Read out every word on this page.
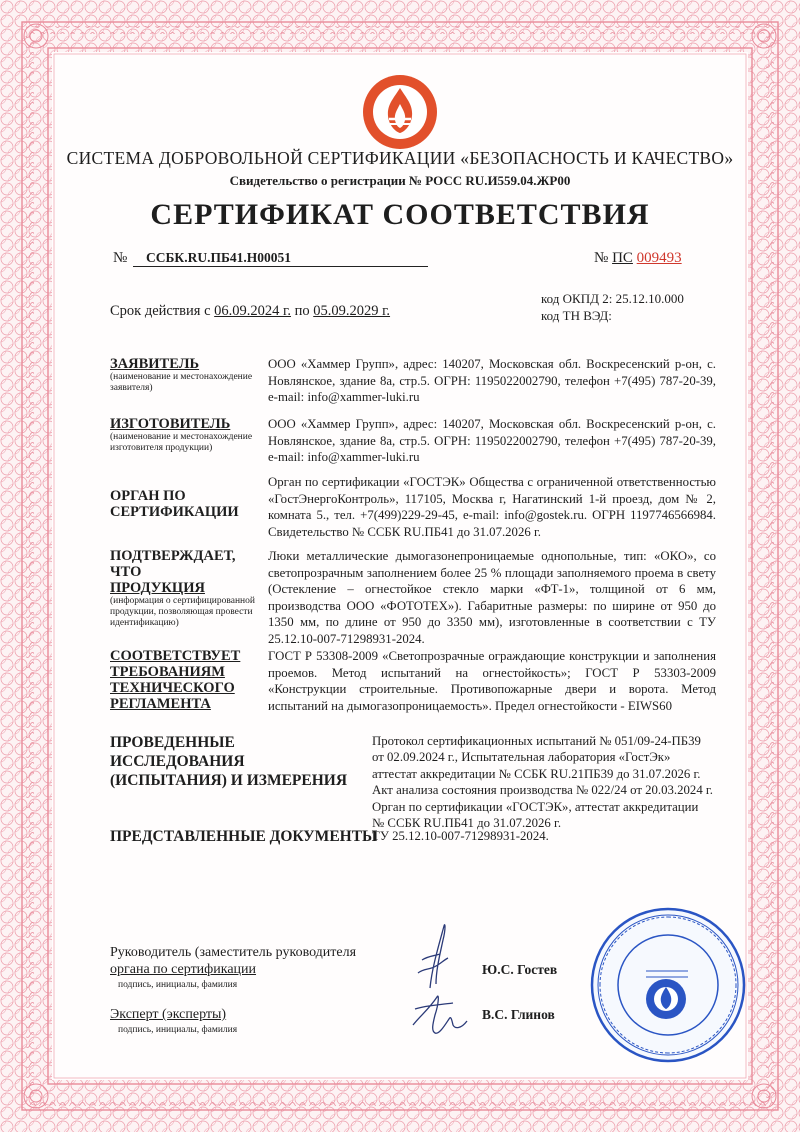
СИСТЕМА ДОБРОВОЛЬНОЙ СЕРТИФИКАЦИИ «БЕЗОПАСНОСТЬ И КАЧЕСТВО»
Свидетельство о регистрации № РОСС RU.И559.04.ЖР00
СЕРТИФИКАТ СООТВЕТСТВИЯ
№	ССБК.RU.ПБ41.Н00051	№ ПС 009493
Срок действия с 06.09.2024 г. по 05.09.2029 г.
код ОКПД 2: 25.12.10.000
код ТН ВЭД:
ЗАЯВИТЕЛЬ
(наименование и местонахождение заявителя)
ООО «Хаммер Групп», адрес: 140207, Московская обл. Воскресенский р-он, с. Новлянское, здание 8а, стр.5. ОГРН: 1195022002790, телефон +7(495) 787-20-39, e-mail: info@xammer-luki.ru
ИЗГОТОВИТЕЛЬ
(наименование и местонахождение изготовителя продукции)
ООО «Хаммер Групп», адрес: 140207, Московская обл. Воскресенский р-он, с. Новлянское, здание 8а, стр.5. ОГРН: 1195022002790, телефон +7(495) 787-20-39, e-mail: info@xammer-luki.ru
ОРГАН ПО
СЕРТИФИКАЦИИ
Орган по сертификации «ГОСТЭК» Общества с ограниченной ответственностью «ГостЭнергоКонтроль», 117105, Москва г, Нагатинский 1-й проезд, дом № 2, комната 5., тел. +7(499)229-29-45, e-mail: info@gostek.ru. ОГРН 1197746566984. Свидетельство № ССБК RU.ПБ41 до 31.07.2026 г.
ПОДТВЕРЖДАЕТ, ЧТО
ПРОДУКЦИЯ
(информация о сертифицированной продукции, позволяющая провести идентификацию)
Люки металлические дымогазонепроницаемые однопольные, тип: «ОКО», со светопрозрачным заполнением более 25 % площади заполняемого проема в свету (Остекление – огнестойкое стекло марки «ФТ-1», толщиной от 6 мм, производства ООО «ФОТОТЕХ»). Габаритные размеры: по ширине от 950 до 1350 мм, по длине от 950 до 3350 мм), изготовленные в соответствии с ТУ 25.12.10-007-71298931-2024.
СООТВЕТСТВУЕТ
ТРЕБОВАНИЯМ
ТЕХНИЧЕСКОГО
РЕГЛАМЕНТА
ГОСТ Р 53308-2009 «Светопрозрачные ограждающие конструкции и заполнения проемов. Метод испытаний на огнестойкость»; ГОСТ Р 53303-2009 «Конструкции строительные. Противопожарные двери и ворота. Метод испытаний на дымогазопроницаемость». Предел огнестойкости - EIWS60
ПРОВЕДЕННЫЕ ИССЛЕДОВАНИЯ
(ИСПЫТАНИЯ) И ИЗМЕРЕНИЯ
Протокол сертификационных испытаний № 051/09-24-ПБ39
от 02.09.2024 г., Испытательная лаборатория «ГостЭк»
аттестат аккредитации № ССБК RU.21ПБ39 до 31.07.2026 г.
Акт анализа состояния производства № 022/24 от 20.03.2024 г.
Орган по сертификации «ГОСТЭК», аттестат аккредитации
№ ССБК RU.ПБ41 до 31.07.2026 г.
ПРЕДСТАВЛЕННЫЕ ДОКУМЕНТЫ
ТУ 25.12.10-007-71298931-2024.
Руководитель (заместитель руководителя
органа по сертификации
подпись, инициалы, фамилия
Ю.С. Гостев
Эксперт (эксперты)
подпись, инициалы, фамилия
В.С. Глинов
